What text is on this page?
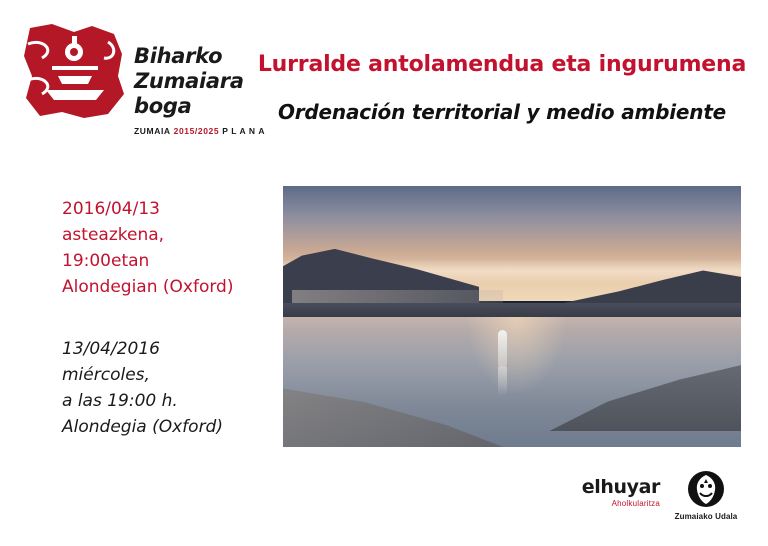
Biharko
Zumaiara
boga
ZUMAIA 2015/2025 P L A N A
Lurralde antolamendua eta ingurumena
Ordenación territorial y medio ambiente
2016/04/13
asteazkena,
19:00etan
Alondegian (Oxford)
13/04/2016
miércoles,
a las 19:00 h.
Alondegia (Oxford)
elhuyar
Aholkularitza
Zumaiako Udala
